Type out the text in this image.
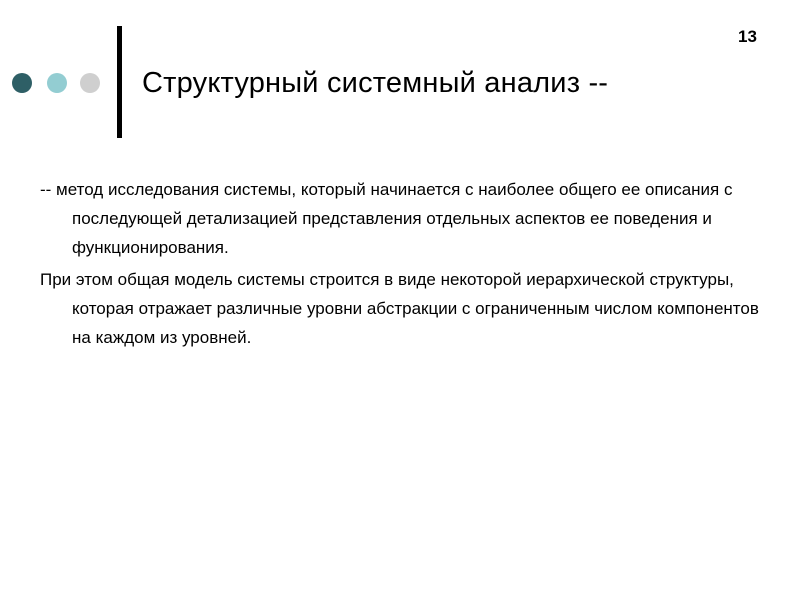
13
Структурный системный анализ --

-- метод исследования системы, который начинается с наиболее общего ее описания с последующей детализацией представления отдельных аспектов ее поведения и функционирования.

При этом общая модель системы строится в виде некоторой иерархической структуры, которая отражает различные уровни абстракции с ограниченным числом компонентов на каждом из уровней.
